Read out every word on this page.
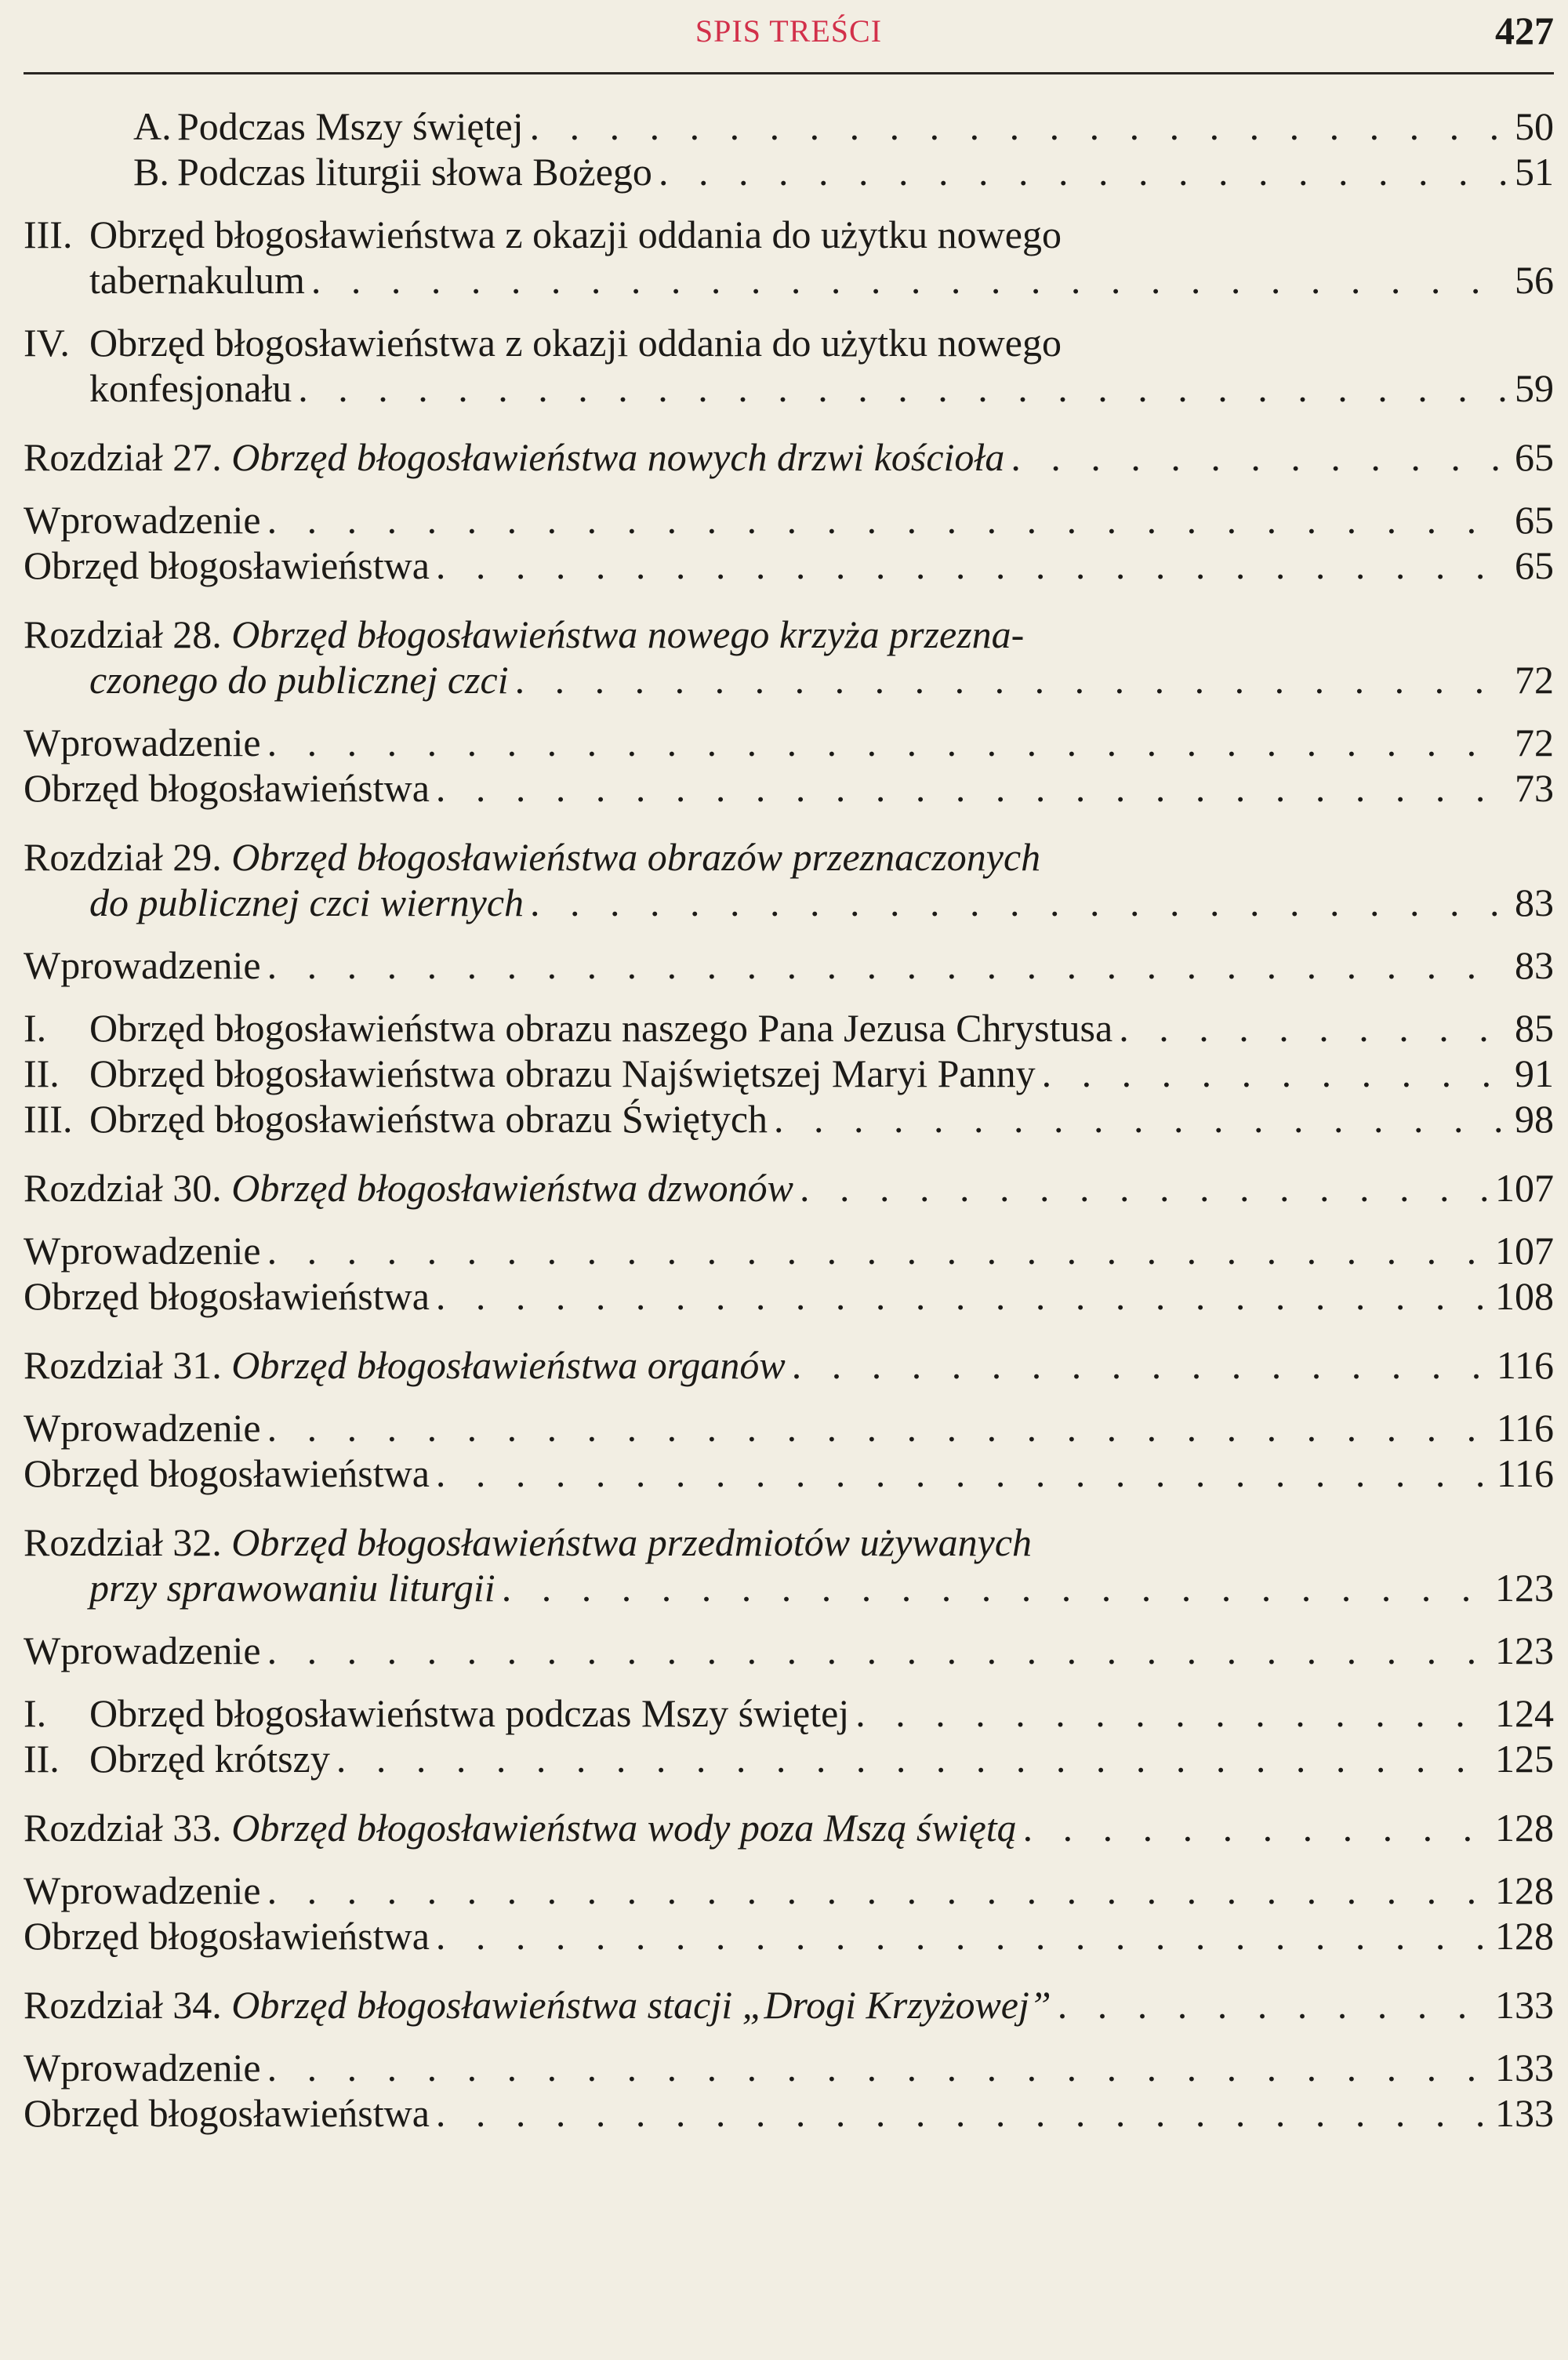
SPIS TREŚCI	427
A. Podczas Mszy świętej . . .	50
B. Podczas liturgii słowa Bożego . . .	51
III. Obrzęd błogosławieństwa z okazji oddania do użytku nowego
tabernakulum . . .	56
IV. Obrzęd błogosławieństwa z okazji oddania do użytku nowego
konfesjonału . . .	59
Rozdział 27. Obrzęd błogosławieństwa nowych drzwi kościoła . . .	65
Wprowadzenie . . .	65
Obrzęd błogosławieństwa . . .	65
Rozdział 28. Obrzęd błogosławieństwa nowego krzyża przezna-
czonego do publicznej czci . . .	72
Wprowadzenie . . .	72
Obrzęd błogosławieństwa . . .	73
Rozdział 29. Obrzęd błogosławieństwa obrazów przeznaczonych
do publicznej czci wiernych . . .	83
Wprowadzenie . . .	83
I.	Obrzęd błogosławieństwa obrazu naszego Pana Jezusa Chrystusa . . .	85
II. Obrzęd błogosławieństwa obrazu Najświętszej Maryi Panny . . .	91
III. Obrzęd błogosławieństwa obrazu Świętych . . .	98
Rozdział 30. Obrzęd błogosławieństwa dzwonów . . .	107
Wprowadzenie . . .	107
Obrzęd błogosławieństwa . . .	108
Rozdział 31. Obrzęd błogosławieństwa organów . . .	116
Wprowadzenie . . .	116
Obrzęd błogosławieństwa . . .	116
Rozdział 32. Obrzęd błogosławieństwa przedmiotów używanych
przy sprawowaniu liturgii . . .	123
Wprowadzenie . . .	123
I.	Obrzęd błogosławieństwa podczas Mszy świętej . . .	124
II. Obrzęd krótszy . . .	125
Rozdział 33. Obrzęd błogosławieństwa wody poza Mszą świętą . . .	128
Wprowadzenie . . .	128
Obrzęd błogosławieństwa . . .	128
Rozdział 34. Obrzęd błogosławieństwa stacji „Drogi Krzyżowej” . . .	133
Wprowadzenie . . .	133
Obrzęd błogosławieństwa . . .	133
